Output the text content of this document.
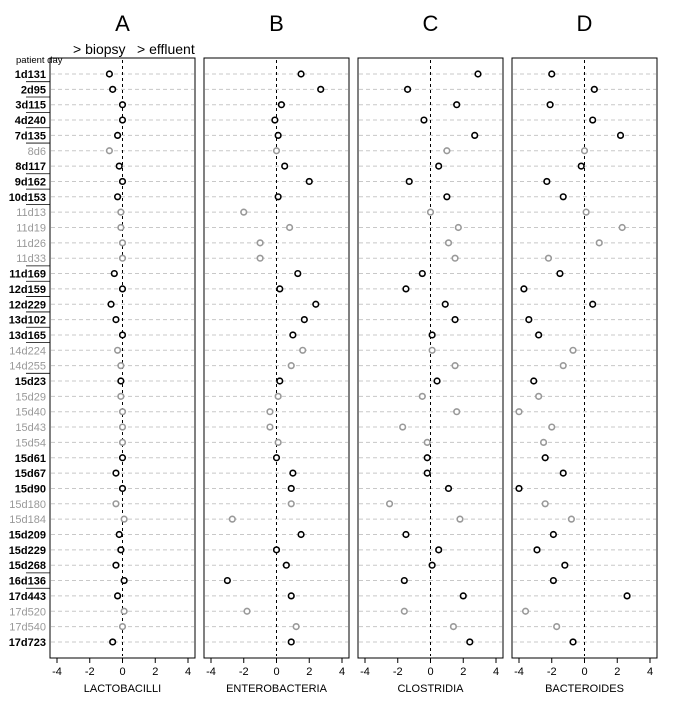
patient day
> biopsy > effluent
1d131
2d95
3d115
4d240
7d135
8d6
8d117
9d162
10d153
11d13
11d19
11d26
11d33
11d169
12d159
12d229
13d102
13d165
14d224
14d255
15d23
15d29
15d40
15d43
15d54
15d61
15d67
15d90
15d180
15d184
15d209
15d229
15d268
16d136
17d443
17d520
17d540
17d723
A
-4 -2 0 2 4
LACTOBACILLI
B
-4 -2 0 2 4
ENTEROBACTERIA
C
-4 -2 0 2 4
CLOSTRIDIA
D
-4 -2 0 2 4
BACTEROIDES
